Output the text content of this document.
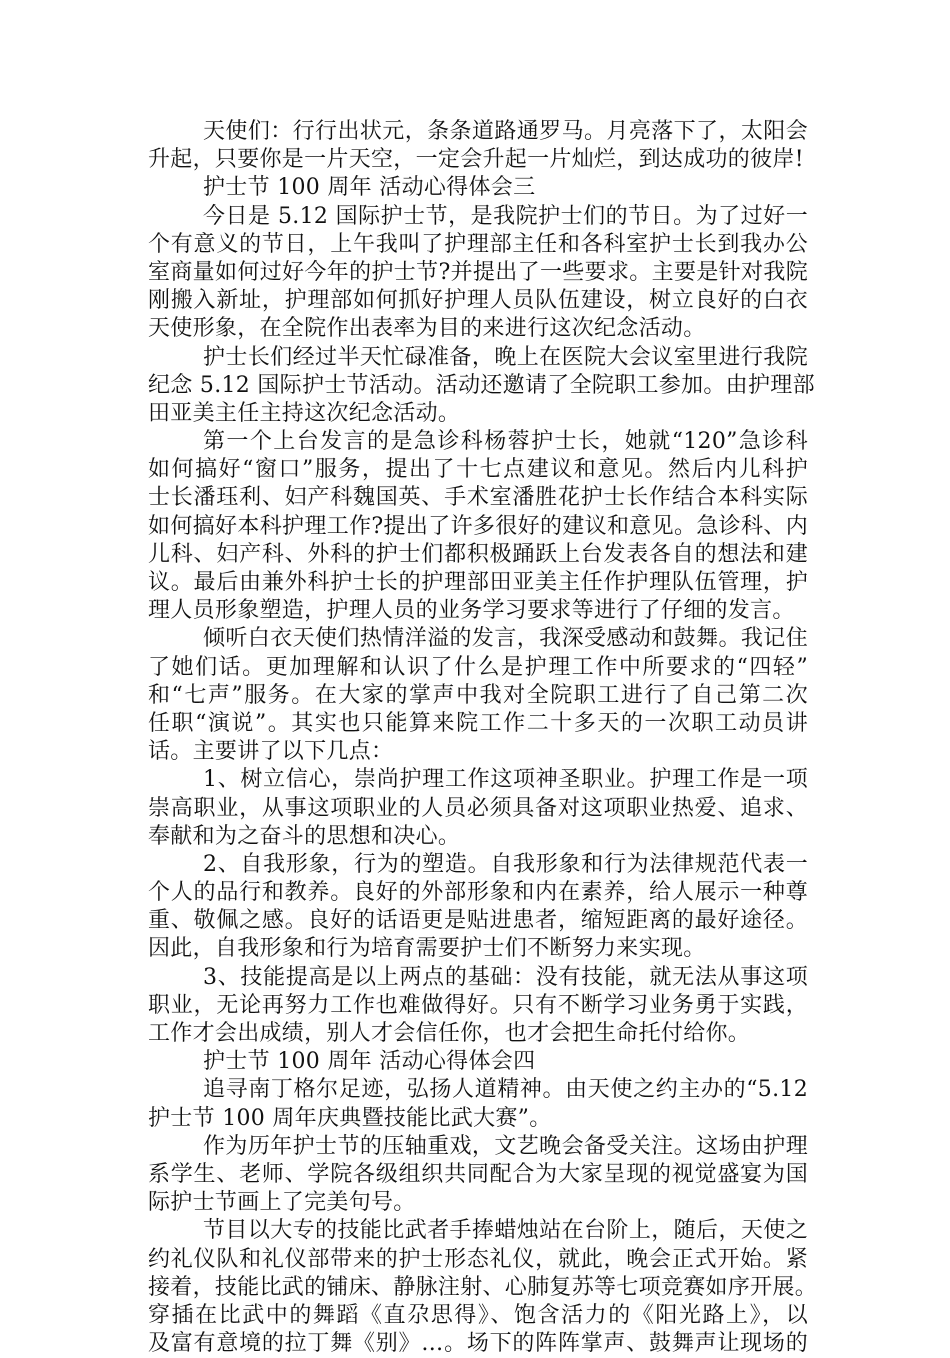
天使们：行行出状元，条条道路通罗马。月亮落下了，太阳会
升起，只要你是一片天空，一定会升起一片灿烂，到达成功的彼岸!
护士节 100 周年 活动心得体会三
今日是 5.12 国际护士节，是我院护士们的节日。为了过好一
个有意义的节日，上午我叫了护理部主任和各科室护士长到我办公
室商量如何过好今年的护士节?并提出了一些要求。主要是针对我院
刚搬入新址，护理部如何抓好护理人员队伍建设，树立良好的白衣
天使形象，在全院作出表率为目的来进行这次纪念活动。
护士长们经过半天忙碌准备，晚上在医院大会议室里进行我院
纪念 5.12 国际护士节活动。活动还邀请了全院职工参加。由护理部
田亚美主任主持这次纪念活动。
第一个上台发言的是急诊科杨蓉护士长，她就“120”急诊科
如何搞好“窗口”服务，提出了十七点建议和意见。然后内儿科护
士长潘珏利、妇产科魏国英、手术室潘胜花护士长作结合本科实际
如何搞好本科护理工作?提出了许多很好的建议和意见。急诊科、内
儿科、妇产科、外科的护士们都积极踊跃上台发表各自的想法和建
议。最后由兼外科护士长的护理部田亚美主任作护理队伍管理，护
理人员形象塑造，护理人员的业务学习要求等进行了仔细的发言。
倾听白衣天使们热情洋溢的发言，我深受感动和鼓舞。我记住
了她们话。更加理解和认识了什么是护理工作中所要求的“四轻”
和“七声”服务。在大家的掌声中我对全院职工进行了自己第二次
任职“演说”。其实也只能算来院工作二十多天的一次职工动员讲
话。主要讲了以下几点：
1、树立信心，崇尚护理工作这项神圣职业。护理工作是一项
崇高职业，从事这项职业的人员必须具备对这项职业热爱、追求、
奉献和为之奋斗的思想和决心。
2、自我形象，行为的塑造。自我形象和行为法律规范代表一
个人的品行和教养。良好的外部形象和内在素养，给人展示一种尊
重、敬佩之感。良好的话语更是贴进患者，缩短距离的最好途径。
因此，自我形象和行为培育需要护士们不断努力来实现。
3、技能提高是以上两点的基础：没有技能，就无法从事这项
职业，无论再努力工作也难做得好。只有不断学习业务勇于实践，
工作才会出成绩，别人才会信任你，也才会把生命托付给你。
护士节 100 周年 活动心得体会四
追寻南丁格尔足迹，弘扬人道精神。由天使之约主办的“5.12
护士节 100 周年庆典暨技能比武大赛”。
作为历年护士节的压轴重戏，文艺晚会备受关注。这场由护理
系学生、老师、学院各级组织共同配合为大家呈现的视觉盛宴为国
际护士节画上了完美句号。
节目以大专的技能比武者手捧蜡烛站在台阶上，随后，天使之
约礼仪队和礼仪部带来的护士形态礼仪，就此，晚会正式开始。紧
接着，技能比武的铺床、静脉注射、心肺复苏等七项竞赛如序开展。
穿插在比武中的舞蹈《直尕思得》、饱含活力的《阳光路上》，以
及富有意境的拉丁舞《别》…。场下的阵阵掌声、鼓舞声让现场的
